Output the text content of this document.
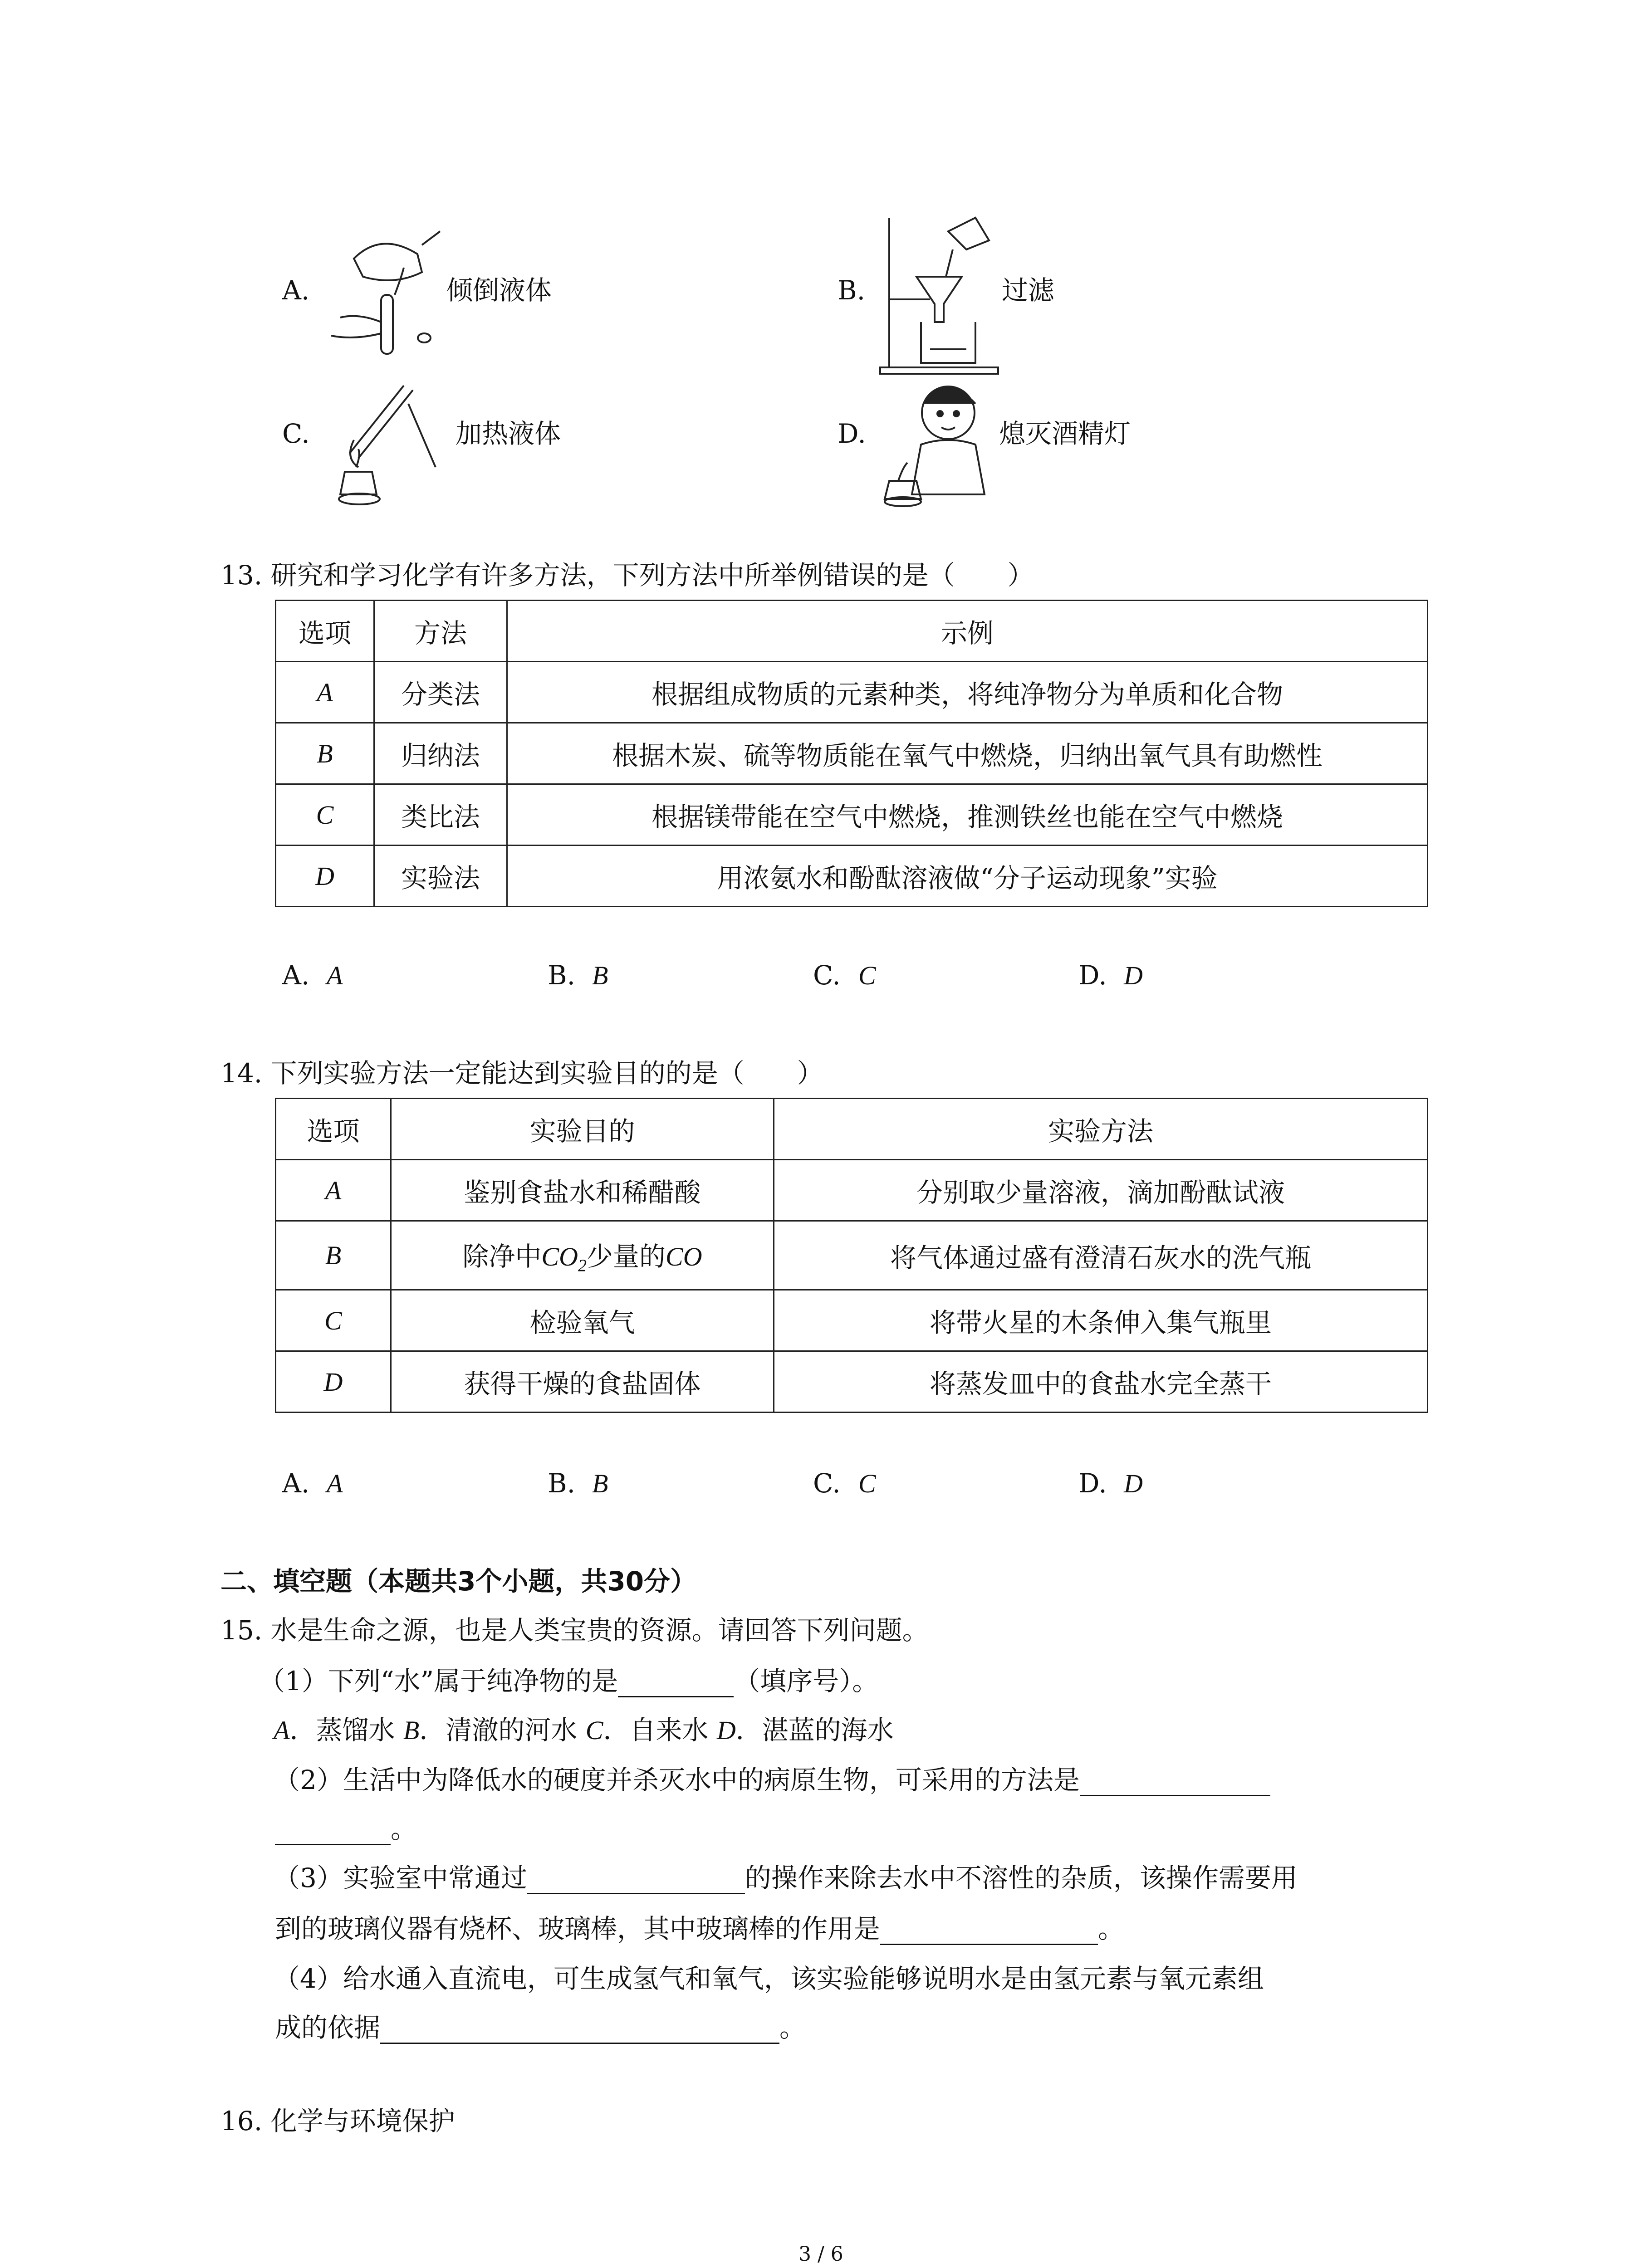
A.	倾倒液体	B.	过滤
C.	加热液体	D.	熄灭酒精灯
13. 研究和学习化学有许多方法，下列方法中所举例错误的是（　　）
选项	方法	示例
A	分类法	根据组成物质的元素种类，将纯净物分为单质和化合物
B	归纳法	根据木炭、硫等物质能在氧气中燃烧，归纳出氧气具有助燃性
C	类比法	根据镁带能在空气中燃烧，推测铁丝也能在空气中燃烧
D	实验法	用浓氨水和酚酞溶液做“分子运动现象”实验
A. A	B. B	C. C	D. D
14. 下列实验方法一定能达到实验目的的是（　　）
选项	实验目的	实验方法
A	鉴别食盐水和稀醋酸	分别取少量溶液，滴加酚酞试液
B	除净中$CO_2$少量的CO	将气体通过盛有澄清石灰水的洗气瓶
C	检验氧气	将带火星的木条伸入集气瓶里
D	获得干燥的食盐固体	将蒸发皿中的食盐水完全蒸干
A. A	B. B	C. C	D. D
二、填空题（本题共3个小题，共30分）
15. 水是生命之源，也是人类宝贵的资源。请回答下列问题。
（1）下列“水”属于纯净物的是	（填序号）。
A．蒸馏水 B．清澈的河水 C．自来水 D．湛蓝的海水
（2）生活中为降低水的硬度并杀灭水中的病原生物，可采用的方法是
。
（3）实验室中常通过	的操作来除去水中不溶性的杂质，该操作需要用
到的玻璃仪器有烧杯、玻璃棒，其中玻璃棒的作用是	。
（4）给水通入直流电，可生成氢气和氧气，该实验能够说明水是由氢元素与氧元素组
成的依据	。
16. 化学与环境保护
3 / 6
